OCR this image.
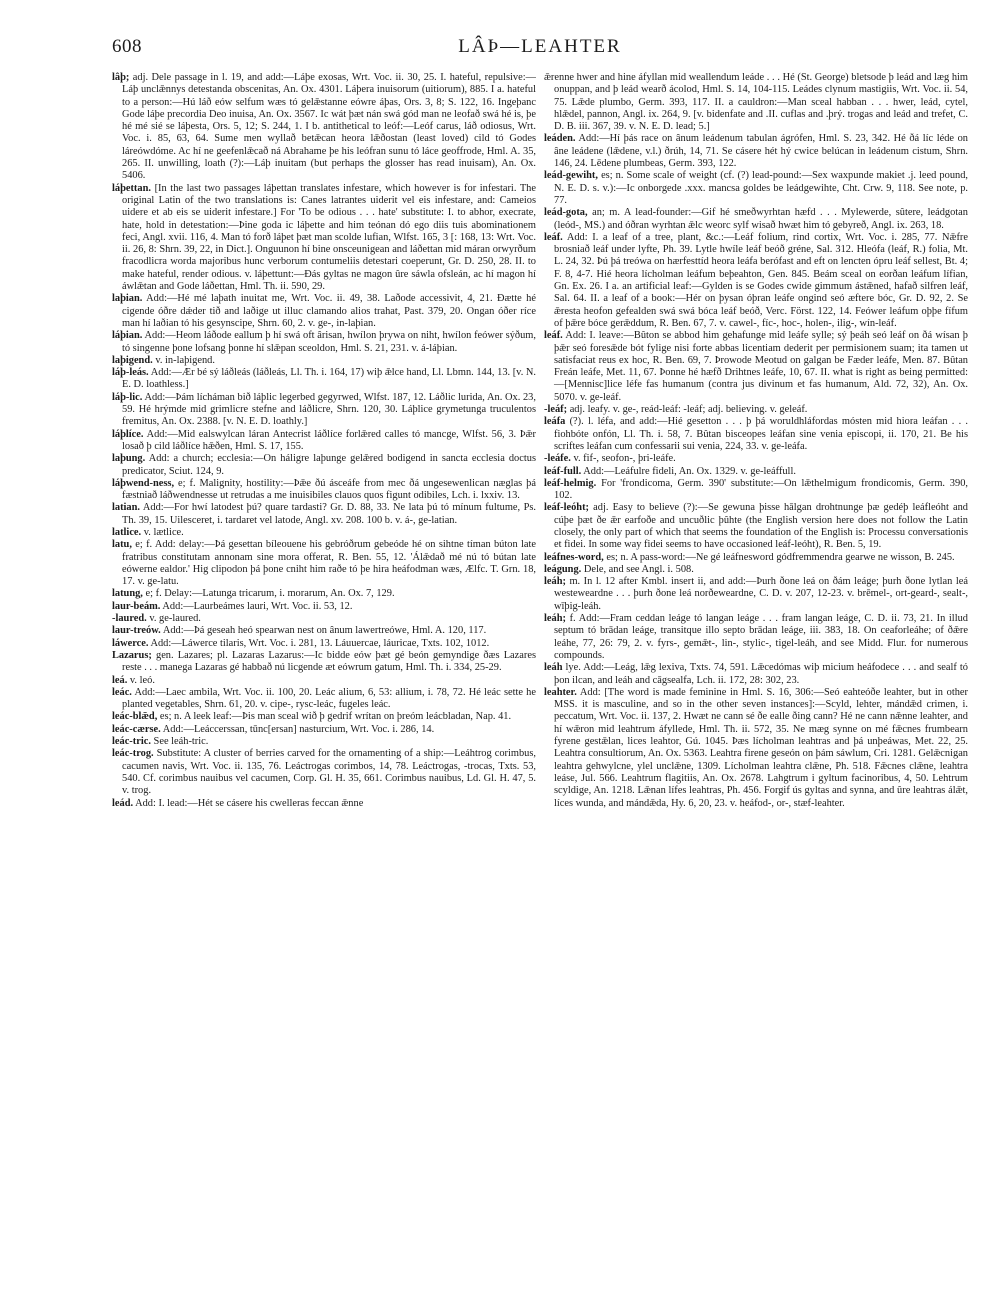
608	LÂÞ—LEAHTER

lâþ; adj. Dele passage in l. 19, and add:—Láþe exosas, Wrt. Voc. ii. 30, 25. I. hateful, repulsive:—Láþ unclǣnnys detestanda obscenitas, An. Ox. 4301. Láþera inuisorum (uitiorum), 885. I a. hateful to a person:—Hú láð eów selfum wæs tó gelǣstanne eówre áþas, Ors. 3, 8; S. 122, 16. Ingeþanc Gode láþe precordia Deo inuisa, An. Ox. 3567. Ic wát þæt nán swá gód man ne leofað swá hé is, þe hé mé sié se láþesta, Ors. 5, 12; S. 244, 1. I b. antithetical to leóf:—Leóf carus, láð odiosus, Wrt. Voc. i. 85, 63, 64. Sume men wyllað betǣcan heora lǣðostan (least loved) cild tó Godes láreówdóme. Ac hí ne geefenlǣcað ná Abrahame þe his leófran sunu tó láce geoffrode, Hml. A. 35, 265. II. unwilling, loath (?):—Láþ inuitam (but perhaps the glosser has read inuisam), An. Ox. 5406.

láþettan. [In the last two passages láþettan translates infestare, which however is for infestari. The original Latin of the two translations is: Canes latrantes uiderit vel eis infestare, and: Cameios uidere et ab eis se uiderit infestare.] For 'To be odious . . . hate' substitute: I. to abhor, execrate, hate, hold in detestation:—Þine goda ic láþette and him teónan dó ego diis tuis abominationem feci, Angl. xvii. 116, 4. Man tó forð láþet þæt man scolde lufian, Wlfst. 165, 3 [: 168, 13: Wrt. Voc. ii. 26, 8: Shrn. 39, 22, in Dict.]. Onguunon hí bine onsceunigean and láðettan mid máran orwyrðum fracodlicra worda majoribus hunc verborum contumeliis detestari coeperunt, Gr. D. 250, 28. II. to make hateful, render odious. v. láþettunt:—Ðás gyltas ne magon ûre sáwla ofsleán, ac hí magon hí áwlǣtan and Gode láðettan, Hml. Th. ii. 590, 29.

laþian. Add:—Hé mé laþath inuitat me, Wrt. Voc. ii. 49, 38. Laðode accessivit, 4, 21. Ðætte hé cigende óðre dǽder tið and laðige ut illuc clamando alios trahat, Past. 379, 20. Ongan óðer ríce man hí laðian tó his gesynscipe, Shrn. 60, 2. v. ge-, in-laþian.

láþian. Add:—Heom láðode eallum þ hí swá oft ârisan, hwílon þrywa on niht, hwílon feówer sýðum, tó singenne þone lofsang þonne hí slǣpan sceoldon, Hml. S. 21, 231. v. á-láþian.

laþigend. v. in-laþigend.

láþ-leás. Add:—Ær bé sý láðleás (láðleás, Ll. Th. i. 164, 17) wiþ ǣlce hand, Ll. Lbmn. 144, 13. [v. N. E. D. loathless.]

láþ-lic. Add:—Þám lícháman bið láþlic legerbed gegyrwed, Wlfst. 187, 12. Láðlic lurida, An. Ox. 23, 59. Hé hrýmde mid grimlicre stefne and láðlicre, Shrn. 120, 30. Láþlice grymetunga truculentos fremitus, An. Ox. 2388. [v. N. E. D. loathly.]

láþlíce. Add:—Mid ealswylcan láran Antecrist láðlíce forlǣred calles tó mancge, Wlfst. 56, 3. Þǣr losað þ cild láðlíce hǣðen, Hml. S. 17, 155.

laþung. Add: a church; ecclesia:—On háligre laþunge gelǣred bodigend in sancta ecclesia doctus predicator, Sciut. 124, 9.

láþwend-ness, e; f. Malignity, hostility:—Þǣe ðú ásceáfe from mec ðá ungesewenlican næglas þá fæstniað láðwendnesse ut retrudas a me inuisibiles clauos quos figunt odibiles, Lch. i. lxxiv. 13.

latian. Add:—For hwí latodest þú? quare tardasti? Gr. D. 88, 33. Ne lata þú tó mínum fultume, Ps. Th. 39, 15. Uilesceret, i. tardaret vel latode, Angl. xv. 208. 100 b. v. á-, ge-latian.

latlice. v. lætlice.

latu, e; f. Add: delay:—Þá gesettan bíleouene his gebróðrum gebeóde hé on sihtne tíman búton late fratribus constitutam annonam sine mora offerat, R. Ben. 55, 12. 'Álǣdað mé nú tó bútan late eówerne ealdor.' Hig clipodon þá þone cniht him raðe tó þe hira heáfodman wæs, Ælfc. T. Grn. 18, 17. v. ge-latu.

latung, e; f. Delay:—Latunga tricarum, i. morarum, An. Ox. 7, 129.

laur-beám. Add:—Laurbeámes lauri, Wrt. Voc. ii. 53, 12.

-laured. v. ge-laured.

laur-treów. Add:—Þá geseah heó spearwan nest on ânum lawertreówe, Hml. A. 120, 117.

láwerce. Add:—Láwerce tilaris, Wrt. Voc. i. 281, 13. Láuuercae, láuricae, Txts. 102, 1012.

Lazarus; gen. Lazares; pl. Lazaras Lazarus:—Ic bidde eów þæt gé beón gemyndige ðæs Lazares reste . . . manega Lazaras gé habbað nú licgende æt eówrum gatum, Hml. Th. i. 334, 25-29.

leá. v. leó.

leác. Add:—Laec ambila, Wrt. Voc. ii. 100, 20. Leác alium, 6, 53: allium, i. 78, 72. Hé leác sette he planted vegetables, Shrn. 61, 20. v. cipe-, rysc-leác, fugeles leác.

leác-blǣd, es; n. A leek leaf:—Þis man sceal wið þ gedrif wrítan on þreóm leácbladan, Nap. 41.

leác-cærse. Add:—Leáccerssan, tūnc[ersan] nasturcium, Wrt. Voc. i. 286, 14.

leác-tric. See leáh-tric.

leác-trog. Substitute: A cluster of berries carved for the ornamenting of a ship:—Leáhtrog corimbus, cacumen navis, Wrt. Voc. ii. 135, 76. Leáctrogas corimbos, 14, 78. Leáctrogas, -trocas, Txts. 53, 540. Cf. corimbus nauibus vel cacumen, Corp. Gl. H. 35, 661. Corimbus nauibus, Ld. Gl. H. 47, 5. v. trog.

leád. Add: I. lead:—Hét se cásere his cwelleras feccan ǣnne

ǣrenne hwer and hine áfyllan mid weallendum leáde . . . Hé (St. George) bletsode þ leád and læg him onuppan, and þ leád wearð ácolod, Hml. S. 14, 104-115. Leádes clynum mastigiis, Wrt. Voc. ii. 54, 75. Lǣde plumbo, Germ. 393, 117. II. a cauldron:—Man sceal habban . . . hwer, leád, cytel, hlǣdel, pannon, Angl. ix. 264, 9. [v. bidenfate and .II. cuflas and .þrý. trogas and leád and trefet, C. D. B. iii. 367, 39. v. N. E. D. lead; 5.]

leáden. Add:—Hí þás race on ânum leádenum tabulan ágrófen, Hml. S. 23, 342. Hé ðá líc léde on âne leádene (lǣdene, v.l.) ðrúh, 14, 71. Se cásere hét hý cwice belúcan in leádenum cistum, Shrn. 146, 24. Lēdene plumbeas, Germ. 393, 122.

leád-gewiht, es; n. Some scale of weight (cf. (?) lead-pound:—Sex waxpunde makiet .j. leed pound, N. E. D. s. v.):—Ic onborgede .xxx. mancsa goldes be leádgewihte, Cht. Crw. 9, 118. See note, p. 77.

leád-gota, an; m. A lead-founder:—Gif hé smeðwyrhtan hæfd . . . Mylewerde, sûtere, leádgotan (leód-, MS.) and óðran wyrhtan ǣlc weorc sylf wisað hwæt him tó gebyreð, Angl. ix. 263, 18.

leáf. Add: I. a leaf of a tree, plant, &c.:—Leáf folium, rind cortix, Wrt. Voc. i. 285, 77. Nǣfre brosniað leáf under lyfte, Ph. 39. Lytle hwíle leáf beóð gréne, Sal. 312. Hleófa (leáf, R.) folia, Mt. L. 24, 32. Þú þá treówa on hærfesttíd heora leáfa berófast and eft on lencten ópru leáf sellest, Bt. 4; F. 8, 4-7. Hié heora lícholman leáfum beþeahton, Gen. 845. Beám sceal on eorðan leáfum lífian, Gn. Ex. 26. I a. an artificial leaf:—Gylden is se Godes cwide gimmum ástǣned, hafað silfren leáf, Sal. 64. II. a leaf of a book:—Hér on þysan óþran leáfe ongind seó æftere bóc, Gr. D. 92, 2. Se ǣresta heofon gefealden swá swá bóca leáf beóð, Verc. Först. 122, 14. Feówer leáfum oþþe fífum of þǣre bóce gerǣddum, R. Ben. 67, 7. v. cawel-, fíc-, hoc-, holen-, ilig-, wín-leáf.

leáf. Add: I. leave:—Bûton se abbod him gehafunge mid leáfe sylle; sý þeáh seó leáf on ðá wísan þ þǣr seó foresǣde bót fylige nisi forte abbas licentiam dederit per permisionem suam; ita tamen ut satisfaciat reus ex hoc, R. Ben. 69, 7. Þrowode Meotud on galgan be Fæder leáfe, Men. 87. Bûtan Freán leáfe, Met. 11, 67. Þonne hé hæfð Drihtnes leáfe, 10, 67. II. what is right as being permitted:—[Mennisc]lice léfe fas humanum (contra jus divinum et fas humanum, Ald. 72, 32), An. Ox. 5070. v. ge-leáf.

-leáf; adj. leafy. v. ge-, reád-leáf: -leáf; adj. believing. v. geleáf.

leáfa (?). l. léfa, and add:—Hié gesetton . . . þ þá woruldhláfordas mósten mid hiora leáfan . . . fiohbóte onfón, Ll. Th. i. 58, 7. Bûtan bisceopes leáfan sine venia episcopi, ii. 170, 21. Be his scriftes leáfan cum confessarii sui venia, 224, 33. v. ge-leáfa.

-leáfe. v. fif-, seofon-, þri-leáfe.

leáf-full. Add:—Leáfulre fideli, An. Ox. 1329. v. ge-leáffull.

leáf-helmig. For 'frondicoma, Germ. 390' substitute:—On lǣthelmigum frondicomis, Germ. 390, 102.

leáf-leóht; adj. Easy to believe (?):—Se gewuna þisse hālgan drohtnunge þæ gedéþ leáfleóht and cúþe þæt ðe ǣr earfoðe and uncuðlic þûhte (the English version here does not follow the Latin closely, the only part of which that seems the foundation of the English is: Processu conversationis et fidei. In some way fidei seems to have occasioned leáf-leóht), R. Ben. 5, 19.

leáfnes-word, es; n. A pass-word:—Ne gé leáfnesword gódfremmendra gearwe ne wisson, B. 245.

leágung. Dele, and see Angl. i. 508.

leáh; m. In l. 12 after Kmbl. insert ii, and add:—Þurh ðone leá on ðám leáge; þurh ðone lytlan leá westeweardne . . . þurh ðone leá norðeweardne, C. D. v. 207, 12-23. v. brēmel-, ort-geard-, sealt-, wīþig-leáh.

leáh; f. Add:—Fram ceddan leáge tó langan leáge . . . fram langan leáge, C. D. ii. 73, 21. In illud septum tó brādan leáge, transitque illo septo brādan leáge, iii. 383, 18. On ceaforleáhe; of ðǣre leáhe, 77, 26: 79, 2. v. fyrs-, gemǣt-, lin-, stylic-, tigel-leáh, and see Midd. Flur. for numerous compounds.

leáh lye. Add:—Leág, lǣg lexiva, Txts. 74, 591. Lǣcedómas wiþ micium heáfodece . . . and sealf tó þon ilcan, and leáh and cāgsealfa, Lch. ii. 172, 28: 302, 23.

leahter. Add: [The word is made feminine in Hml. S. 16, 306:—Seó eahteóðe leahter, but in other MSS. it is masculine, and so in the other seven instances]:—Scyld, lehter, mándǣd crimen, i. peccatum, Wrt. Voc. ii. 137, 2. Hwæt ne cann sé ðe ealle ðing cann? Hé ne cann nǣnne leahter, and hí wǣron mid leahtrum áfyllede, Hml. Th. ii. 572, 35. Ne mæg synne on mé fǣcnes frumbearn fyrene gestǣlan, lices leahtor, Gú. 1045. Þæs lícholman leahtras and þá unþeáwas, Met. 22, 25. Leahtra consultiorum, An. Ox. 5363. Leahtra firene geseón on þám sáwlum, Cri. 1281. Gelǣcnigan leahtra gehwylcne, ylel unclǣne, 1309. Lícholman leahtra clǣne, Ph. 518. Fǣcnes clǣne, leahtra leáse, Jul. 566. Leahtrum flagitiis, An. Ox. 2678. Lahgtrum i gyltum facinoribus, 4, 50. Lehtrum scyldige, An. 1218. Lǣnan lífes leahtras, Ph. 456. Forgif ús gyltas and synna, and ûre leahtras álǣt, líces wunda, and mándǣda, Hy. 6, 20, 23. v. heáfod-, or-, stæf-leahter.
